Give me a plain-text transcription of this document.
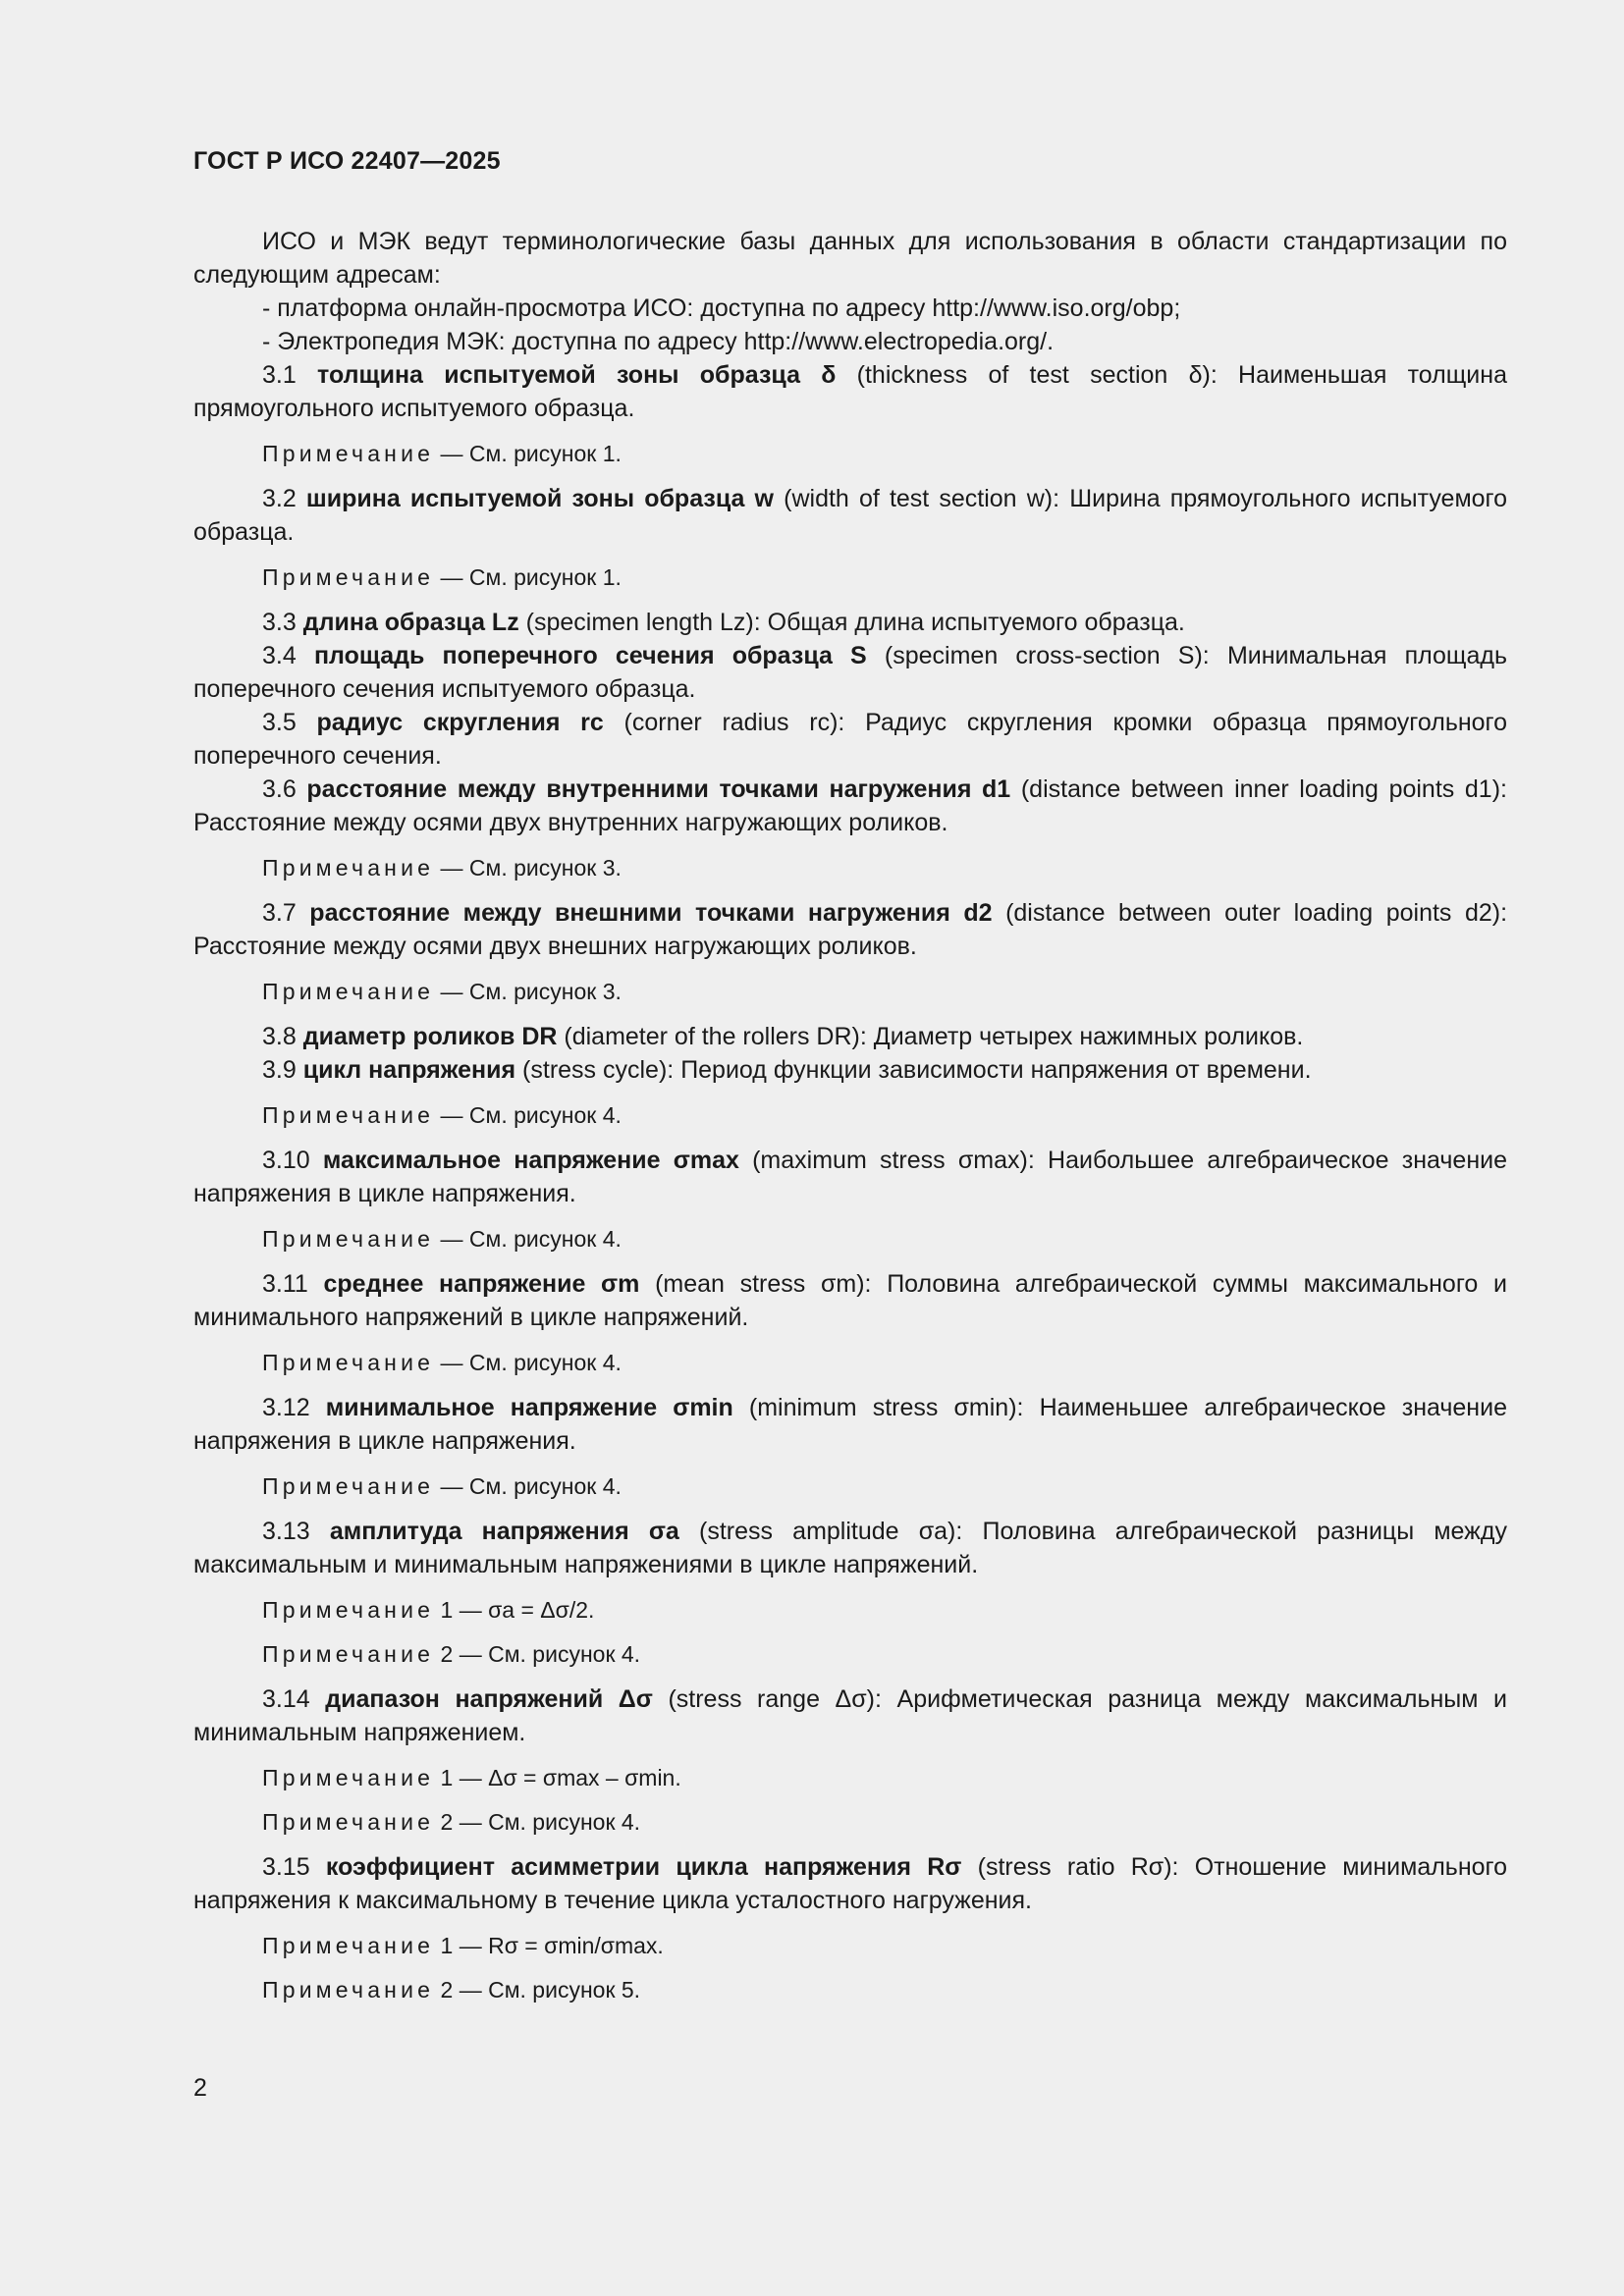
ГОСТ Р ИСО 22407—2025

ИСО и МЭК ведут терминологические базы данных для использования в области стандартизации по следующим адресам:

- платформа онлайн-просмотра ИСО: доступна по адресу http://www.iso.org/obp;

- Электропедия МЭК: доступна по адресу http://www.electropedia.org/.

3.1 толщина испытуемой зоны образца δ (thickness of test section δ): Наименьшая толщина прямоугольного испытуемого образца.

Примечание — См. рисунок 1.

3.2 ширина испытуемой зоны образца w (width of test section w): Ширина прямоугольного испытуемого образца.

Примечание — См. рисунок 1.

3.3 длина образца Lz (specimen length Lz): Общая длина испытуемого образца.

3.4 площадь поперечного сечения образца S (specimen cross-section S): Минимальная площадь поперечного сечения испытуемого образца.

3.5 радиус скругления rc (corner radius rc): Радиус скругления кромки образца прямоугольного поперечного сечения.

3.6 расстояние между внутренними точками нагружения d1 (distance between inner loading points d1): Расстояние между осями двух внутренних нагружающих роликов.

Примечание — См. рисунок 3.

3.7 расстояние между внешними точками нагружения d2 (distance between outer loading points d2): Расстояние между осями двух внешних нагружающих роликов.

Примечание — См. рисунок 3.

3.8 диаметр роликов DR (diameter of the rollers DR): Диаметр четырех нажимных роликов.

3.9 цикл напряжения (stress cycle): Период функции зависимости напряжения от времени.

Примечание — См. рисунок 4.

3.10 максимальное напряжение σmax (maximum stress σmax): Наибольшее алгебраическое значение напряжения в цикле напряжения.

Примечание — См. рисунок 4.

3.11 среднее напряжение σm (mean stress σm): Половина алгебраической суммы максимального и минимального напряжений в цикле напряжений.

Примечание — См. рисунок 4.

3.12 минимальное напряжение σmin (minimum stress σmin): Наименьшее алгебраическое значение напряжения в цикле напряжения.

Примечание — См. рисунок 4.

3.13 амплитуда напряжения σa (stress amplitude σa): Половина алгебраической разницы между максимальным и минимальным напряжениями в цикле напряжений.

Примечание 1 — σa = Δσ/2.

Примечание 2 — См. рисунок 4.

3.14 диапазон напряжений Δσ (stress range Δσ): Арифметическая разница между максимальным и минимальным напряжением.

Примечание 1 — Δσ = σmax – σmin.

Примечание 2 — См. рисунок 4.

3.15 коэффициент асимметрии цикла напряжения Rσ (stress ratio Rσ): Отношение минимального напряжения к максимальному в течение цикла усталостного нагружения.

Примечание 1 — Rσ = σmin/σmax.

Примечание 2 — См. рисунок 5.

2
